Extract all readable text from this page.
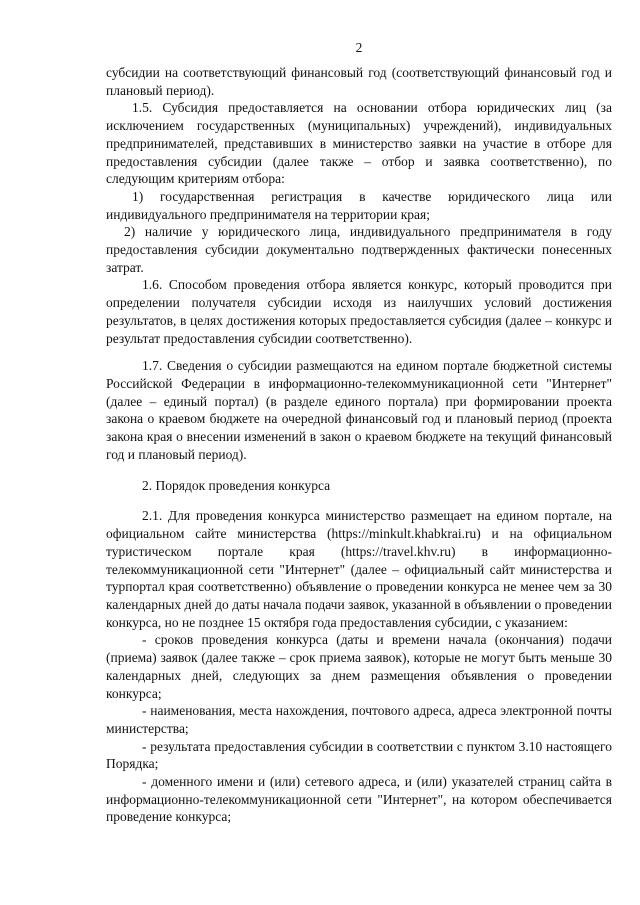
2

субсидии на соответствующий финансовый год (соответствующий финансовый год и плановый период).

1.5. Субсидия предоставляется на основании отбора юридических лиц (за исключением государственных (муниципальных) учреждений), индивидуальных предпринимателей, представивших в министерство заявки на участие в отборе для предоставления субсидии (далее также – отбор и заявка соответственно), по следующим критериям отбора:

1) государственная регистрация в качестве юридического лица или индивидуального предпринимателя на территории края;

2) наличие у юридического лица, индивидуального предпринимателя в году предоставления субсидии документально подтвержденных фактически понесенных затрат.

1.6. Способом проведения отбора является конкурс, который проводится при определении получателя субсидии исходя из наилучших условий достижения результатов, в целях достижения которых предоставляется субсидия (далее – конкурс и результат предоставления субсидии соответственно).

1.7. Сведения о субсидии размещаются на едином портале бюджетной системы Российской Федерации в информационно-телекоммуникационной сети "Интернет" (далее – единый портал) (в разделе единого портала) при формировании проекта закона о краевом бюджете на очередной финансовый год и плановый период (проекта закона края о внесении изменений в закон о краевом бюджете на текущий финансовый год и плановый период).

2. Порядок проведения конкурса

2.1. Для проведения конкурса министерство размещает на едином портале, на официальном сайте министерства (https://minkult.khabkrai.ru) и на официальном туристическом портале края (https://travel.khv.ru) в информационно-телекоммуникационной сети "Интернет" (далее – официальный сайт министерства и турпортал края соответственно) объявление о проведении конкурса не менее чем за 30 календарных дней до даты начала подачи заявок, указанной в объявлении о проведении конкурса, но не позднее 15 октября года предоставления субсидии, с указанием:

- сроков проведения конкурса (даты и времени начала (окончания) подачи (приема) заявок (далее также – срок приема заявок), которые не могут быть меньше 30 календарных дней, следующих за днем размещения объявления о проведении конкурса;

- наименования, места нахождения, почтового адреса, адреса электронной почты министерства;

- результата предоставления субсидии в соответствии с пунктом 3.10 настоящего Порядка;

- доменного имени и (или) сетевого адреса, и (или) указателей страниц сайта в информационно-телекоммуникационной сети "Интернет", на котором обеспечивается проведение конкурса;
